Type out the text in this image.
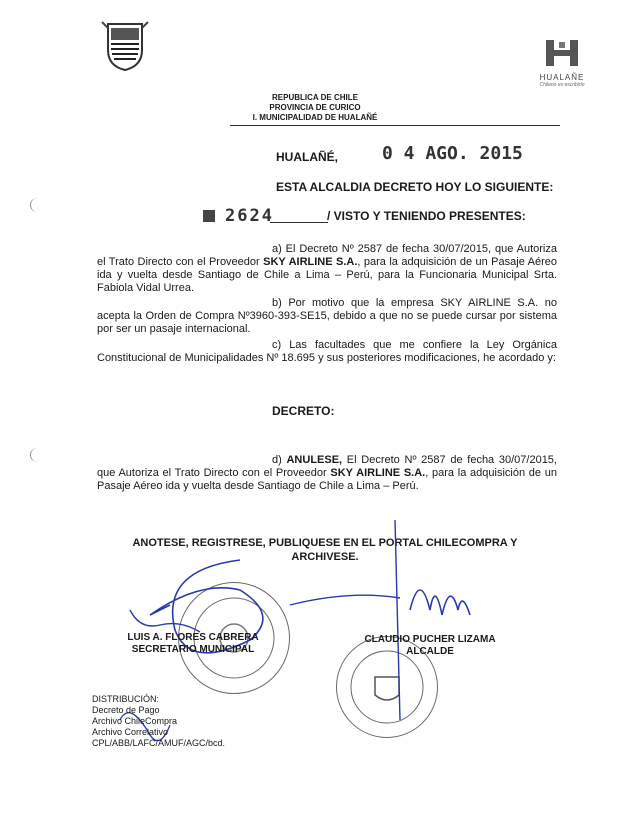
HUALAÑE
Chileno es escribirlo
REPUBLICA DE CHILE
PROVINCIA DE CURICO
I. MUNICIPALIDAD DE HUALAÑÉ
HUALAÑÉ, 0 4 AGO. 2015
ESTA ALCALDIA DECRETO HOY LO SIGUIENTE:
2624	/ VISTO Y TENIENDO PRESENTES:
a) El Decreto Nº 2587 de fecha 30/07/2015, que Autoriza el Trato Directo con el Proveedor SKY AIRLINE S.A., para la adquisición de un Pasaje Aéreo ida y vuelta desde Santiago de Chile a Lima – Perú, para la Funcionaria Municipal Srta. Fabiola Vidal Urrea.
b) Por motivo que la empresa SKY AIRLINE S.A. no acepta la Orden de Compra Nº3960-393-SE15, debido a que no se puede cursar por sistema por ser un pasaje internacional.
c) Las facultades que me confiere la Ley Orgánica Constitucional de Municipalidades Nº 18.695 y sus posteriores modificaciones, he acordado y:
DECRETO:
d) ANULESE, El Decreto Nº 2587 de fecha 30/07/2015, que Autoriza el Trato Directo con el Proveedor SKY AIRLINE S.A., para la adquisición de un Pasaje Aéreo ida y vuelta desde Santiago de Chile a Lima – Perú.
ANOTESE, REGISTRESE, PUBLIQUESE EN EL PORTAL CHILECOMPRA Y
ARCHIVESE.
LUIS A. FLORES CABRERA
SECRETARIO MUNICIPAL
CLAUDIO PUCHER LIZAMA
ALCALDE
DISTRIBUCIÓN:
Decreto de Pago
Archivo ChileCompra
Archivo Correlativo
CPL/ABB/LAFC/AMUF/AGC/bcd.
